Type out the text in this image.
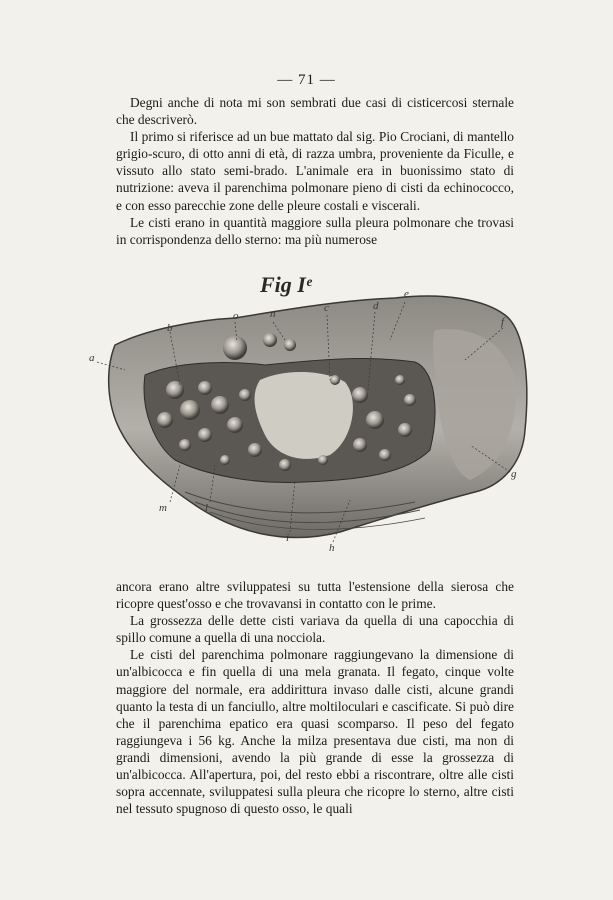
— 71 —

Degni anche di nota mi son sembrati due casi di cisticercosi sternale che descriverò.

Il primo si riferisce ad un bue mattato dal sig. Pio Crociani, di mantello grigio-scuro, di otto anni di età, di razza umbra, proveniente da Ficulle, e vissuto allo stato semi-brado. L'animale era in buonissimo stato di nutrizione: aveva il parenchima polmonare pieno di cisti da echinococco, e con esso parecchie zone delle pleure costali e viscerali.

Le cisti erano in quantità maggiore sulla pleura polmonare che trovasi in corrispondenza dello sterno: ma più numerose

Fig Iᵉ
a
b
o	n	c	d
e
f
g
m	l
i
h

ancora erano altre sviluppatesi su tutta l'estensione della sierosa che ricopre quest'osso e che trovavansi in contatto con le prime.

La grossezza delle dette cisti variava da quella di una capocchia di spillo comune a quella di una nocciola.

Le cisti del parenchima polmonare raggiungevano la dimensione di un'albicocca e fin quella di una mela granata. Il fegato, cinque volte maggiore del normale, era addirittura invaso dalle cisti, alcune grandi quanto la testa di un fanciullo, altre moltiloculari e cascificate. Si può dire che il parenchima epatico era quasi scomparso. Il peso del fegato raggiungeva i 56 kg. Anche la milza presentava due cisti, ma non di grandi dimensioni, avendo la più grande di esse la grossezza di un'albicocca. All'apertura, poi, del resto ebbi a riscontrare, oltre alle cisti sopra accennate, sviluppatesi sulla pleura che ricopre lo sterno, altre cisti nel tessuto spugnoso di questo osso, le quali
